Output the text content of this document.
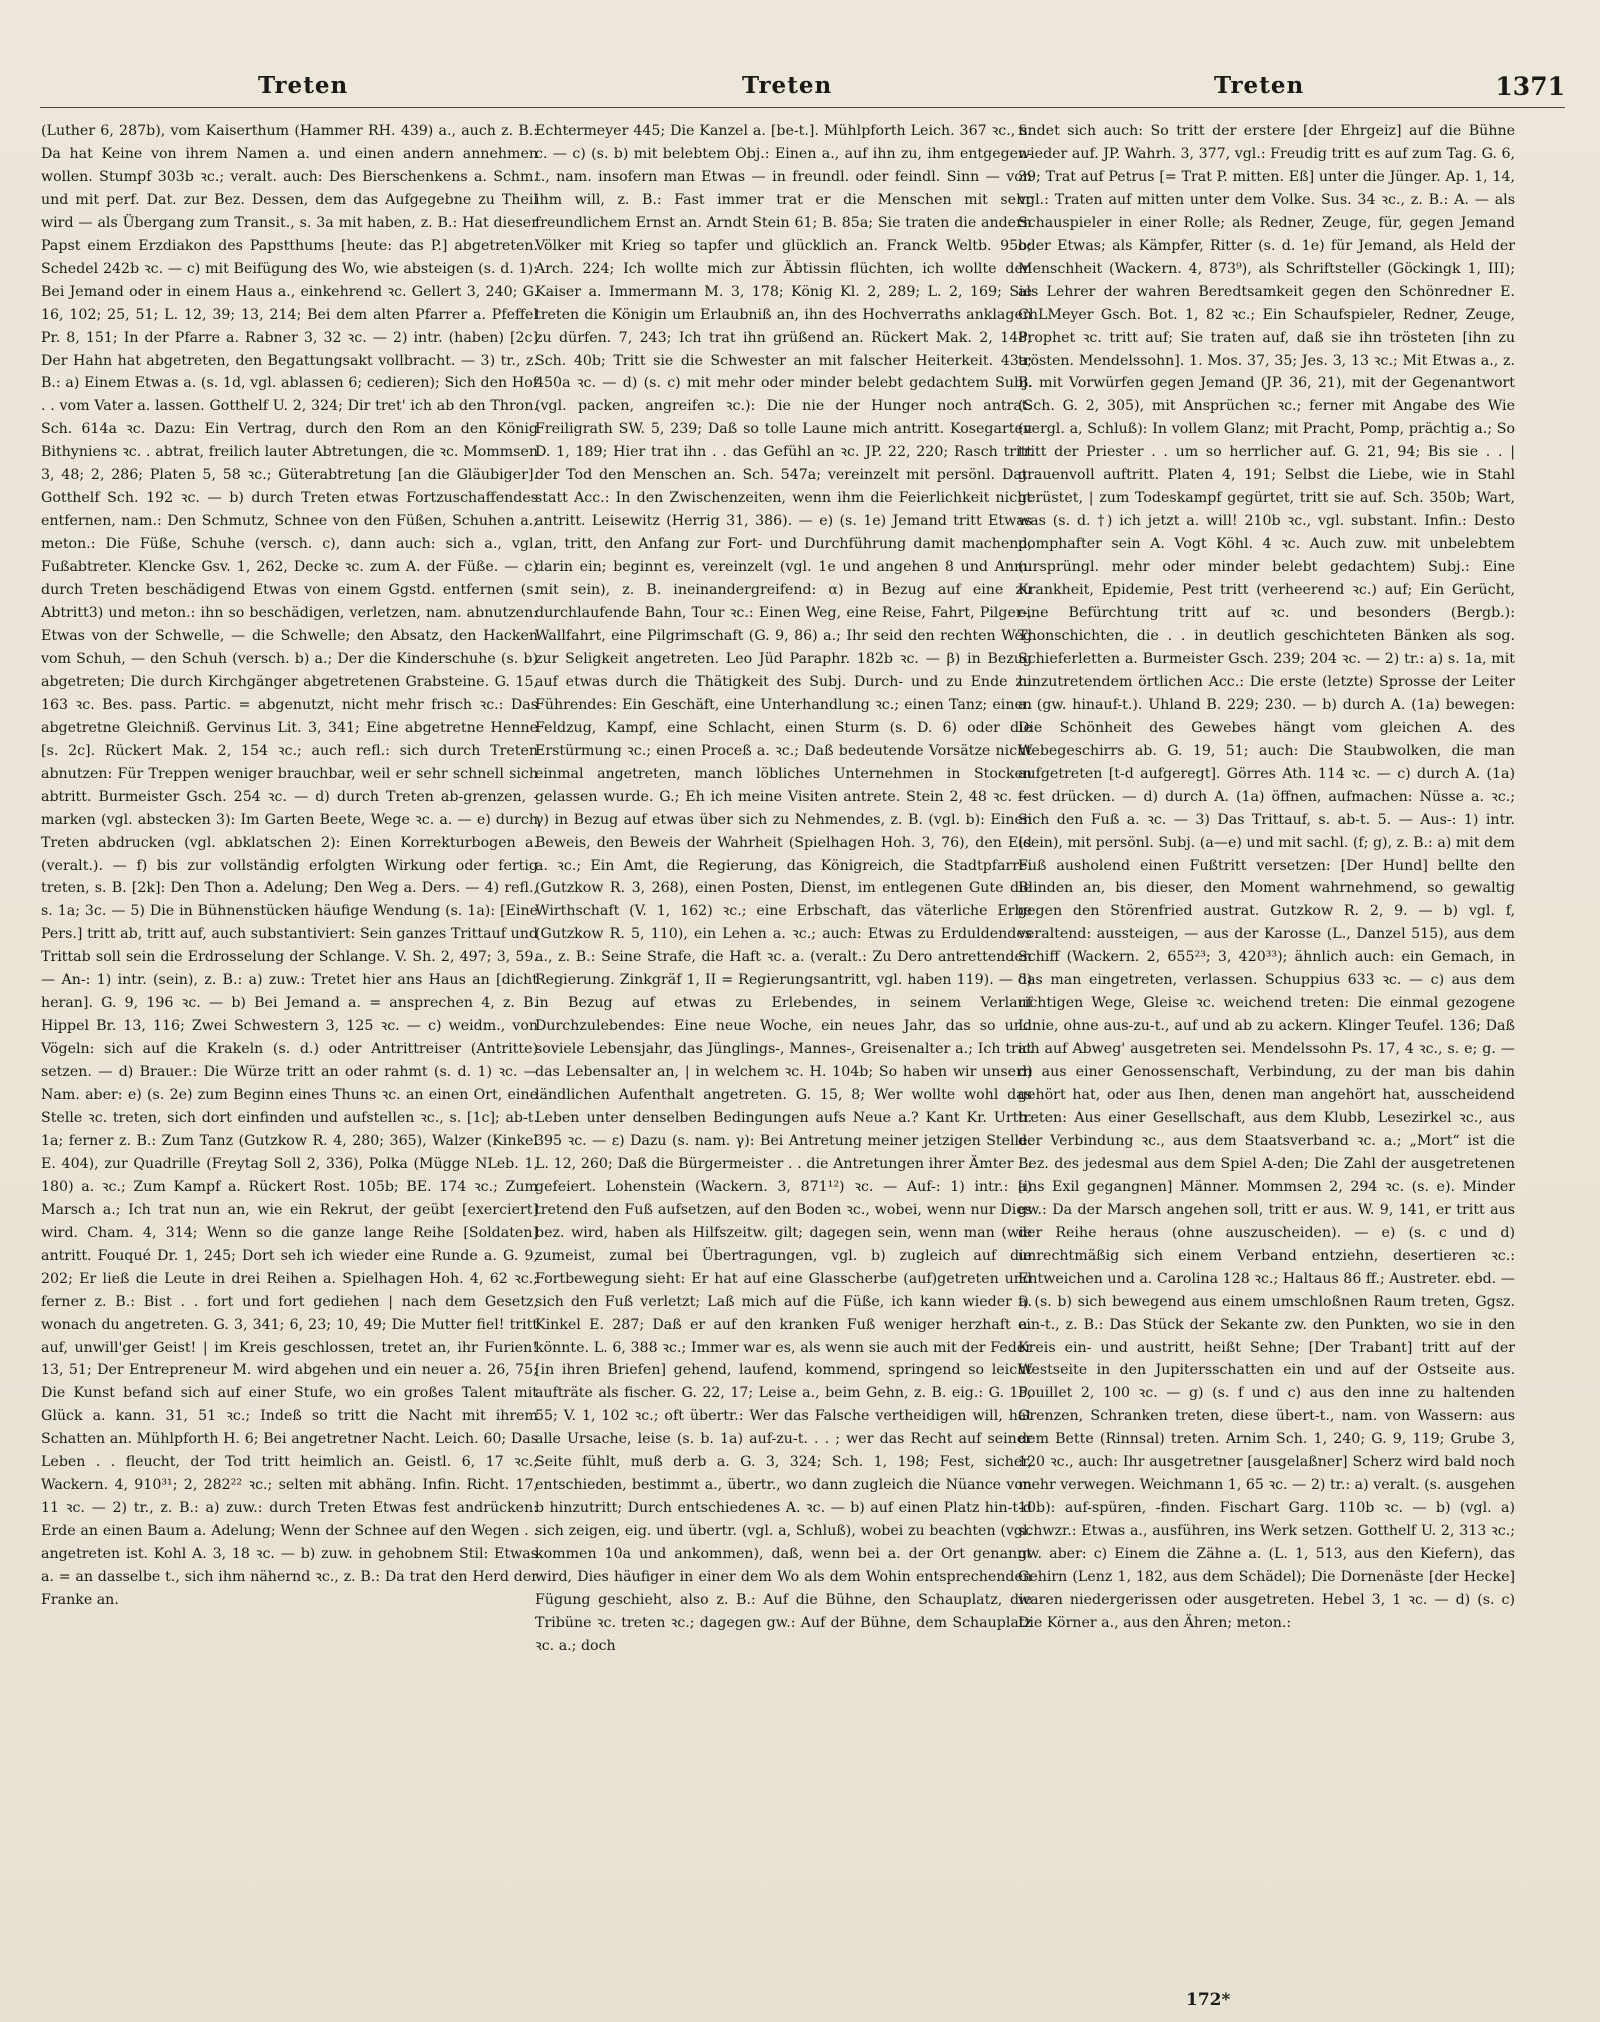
Treten	Treten	Treten	1371

(Luther 6, 287b), vom Kaiserthum (Hammer RH. 439) a., auch z. B.: Da hat Keine von ihrem Namen a. und einen andern annehmen wollen. Stumpf 303b ꝛc.; veralt. auch: Des Bierschenkens a. Schm. und mit perf. Dat. zur Bez. Dessen, dem das Aufgegebne zu Theil wird — als Übergang zum Transit., s. 3a mit haben, z. B.: Hat dieser Papst einem Erzdiakon des Papstthums [heute: das P.] abgetreten. Schedel 242b ꝛc. — c) mit Beifügung des Wo, wie absteigen (s. d. 1): Bei Jemand oder in einem Haus a., einkehrend ꝛc. Gellert 3, 240; G. 16, 102; 25, 51; L. 12, 39; 13, 214; Bei dem alten Pfarrer a. Pfeffel Pr. 8, 151; In der Pfarre a. Rabner 3, 32 ꝛc. — 2) intr. (haben) [2c] Der Hahn hat abgetreten, den Begattungsakt vollbracht. — 3) tr., z. B.: a) Einem Etwas a. (s. 1d, vgl. ablassen 6; cedieren); Sich den Hof . . vom Vater a. lassen. Gotthelf U. 2, 324; Dir tret' ich ab den Thron. Sch. 614a ꝛc. Dazu: Ein Vertrag, durch den Rom an den König Bithyniens ꝛc. . abtrat, freilich lauter Abtretungen, die ꝛc. Mommsen 3, 48; 2, 286; Platen 5, 58 ꝛc.; Güterabtretung [an die Gläubiger]. Gotthelf Sch. 192 ꝛc. — b) durch Treten etwas Fortzuschaffendes entfernen, nam.: Den Schmutz, Schnee von den Füßen, Schuhen a.; meton.: Die Füße, Schuhe (versch. c), dann auch: sich a., vgl. Fußabtreter. Klencke Gsv. 1, 262, Decke ꝛc. zum A. der Füße. — c) durch Treten beschädigend Etwas von einem Ggstd. entfernen (s. Abtritt3) und meton.: ihn so beschädigen, verletzen, nam. abnutzen: Etwas von der Schwelle, — die Schwelle; den Absatz, den Hacken vom Schuh, — den Schuh (versch. b) a.; Der die Kinderschuhe (s. b) abgetreten; Die durch Kirchgänger abgetretenen Grabsteine. G. 15, 163 ꝛc. Bes. pass. Partic. = abgenutzt, nicht mehr frisch ꝛc.: Das abgetretne Gleichniß. Gervinus Lit. 3, 341; Eine abgetretne Henne [s. 2c]. Rückert Mak. 2, 154 ꝛc.; auch refl.: sich durch Treten abnutzen: Für Treppen weniger brauchbar, weil er sehr schnell sich abtritt. Burmeister Gsch. 254 ꝛc. — d) durch Treten ab-grenzen, -marken (vgl. abstecken 3): Im Garten Beete, Wege ꝛc. a. — e) durch Treten abdrucken (vgl. abklatschen 2): Einen Korrekturbogen a. (veralt.). — f) bis zur vollständig erfolgten Wirkung oder fertig treten, s. B. [2k]: Den Thon a. Adelung; Den Weg a. Ders. — 4) refl., s. 1a; 3c. — 5) Die in Bühnenstücken häufige Wendung (s. 1a): [Eine Pers.] tritt ab, tritt auf, auch substantiviert: Sein ganzes Trittauf und Trittab soll sein die Erdrosselung der Schlange. V. Sh. 2, 497; 3, 59. — An-: 1) intr. (sein), z. B.: a) zuw.: Tretet hier ans Haus an [dicht heran]. G. 9, 196 ꝛc. — b) Bei Jemand a. = ansprechen 4, z. B. Hippel Br. 13, 116; Zwei Schwestern 3, 125 ꝛc. — c) weidm., von Vögeln: sich auf die Krakeln (s. d.) oder Antrittreiser (Antritte) setzen. — d) Brauer.: Die Würze tritt an oder rahmt (s. d. 1) ꝛc. — Nam. aber: e) (s. 2e) zum Beginn eines Thuns ꝛc. an einen Ort, eine Stelle ꝛc. treten, sich dort einfinden und aufstellen ꝛc., s. [1c]; ab-t. 1a; ferner z. B.: Zum Tanz (Gutzkow R. 4, 280; 365), Walzer (Kinkel E. 404), zur Quadrille (Freytag Soll 2, 336), Polka (Mügge NLeb. 1, 180) a. ꝛc.; Zum Kampf a. Rückert Rost. 105b; BE. 174 ꝛc.; Zum Marsch a.; Ich trat nun an, wie ein Rekrut, der geübt [exerciert] wird. Cham. 4, 314; Wenn so die ganze lange Reihe [Soldaten] antritt. Fouqué Dr. 1, 245; Dort seh ich wieder eine Runde a. G. 9, 202; Er ließ die Leute in drei Reihen a. Spielhagen Hoh. 4, 62 ꝛc.; ferner z. B.: Bist . . fort und fort gediehen | nach dem Gesetz, wonach du angetreten. G. 3, 341; 6, 23; 10, 49; Die Mutter fiel! tritt auf, unwill'ger Geist! | im Kreis geschlossen, tretet an, ihr Furien! 13, 51; Der Entrepreneur M. wird abgehen und ein neuer a. 26, 75; Die Kunst befand sich auf einer Stufe, wo ein großes Talent mit Glück a. kann. 31, 51 ꝛc.; Indeß so tritt die Nacht mit ihrem Schatten an. Mühlpforth H. 6; Bei angetretner Nacht. Leich. 60; Das Leben . . fleucht, der Tod tritt heimlich an. Geistl. 6, 17 ꝛc.; Wackern. 4, 910³¹; 2, 282²² ꝛc.; selten mit abhäng. Infin. Richt. 17, 11 ꝛc. — 2) tr., z. B.: a) zuw.: durch Treten Etwas fest andrücken: Erde an einen Baum a. Adelung; Wenn der Schnee auf den Wegen . . angetreten ist. Kohl A. 3, 18 ꝛc. — b) zuw. in gehobnem Stil: Etwas a. = an dasselbe t., sich ihm nähernd ꝛc., z. B.: Da trat den Herd der Franke an.

Echtermeyer 445; Die Kanzel a. [be-t.]. Mühlpforth Leich. 367 ꝛc., s. c. — c) (s. b) mit belebtem Obj.: Einen a., auf ihn zu, ihm entgegen-t., nam. insofern man Etwas — in freundl. oder feindl. Sinn — von ihm will, z. B.: Fast immer trat er die Menschen mit sehr freundlichem Ernst an. Arndt Stein 61; B. 85a; Sie traten die andern Völker mit Krieg so tapfer und glücklich an. Franck Weltb. 95b; Arch. 224; Ich wollte mich zur Äbtissin flüchten, ich wollte den Kaiser a. Immermann M. 3, 178; König Kl. 2, 289; L. 2, 169; Sie treten die Königin um Erlaubniß an, ihn des Hochverraths anklagen zu dürfen. 7, 243; Ich trat ihn grüßend an. Rückert Mak. 2, 148; Sch. 40b; Tritt sie die Schwester an mit falscher Heiterkeit. 43a; 450a ꝛc. — d) (s. c) mit mehr oder minder belebt gedachtem Subj. (vgl. packen, angreifen ꝛc.): Die nie der Hunger noch antrat. Freiligrath SW. 5, 239; Daß so tolle Laune mich antritt. Kosegarten D. 1, 189; Hier trat ihn . . das Gefühl an ꝛc. JP. 22, 220; Rasch tritt der Tod den Menschen an. Sch. 547a; vereinzelt mit persönl. Dat. statt Acc.: In den Zwischenzeiten, wenn ihm die Feierlichkeit nicht antritt. Leisewitz (Herrig 31, 386). — e) (s. 1e) Jemand tritt Etwas an, tritt, den Anfang zur Fort- und Durchführung damit machend, darin ein; beginnt es, vereinzelt (vgl. 1e und angehen 8 und Anm. mit sein), z. B. ineinandergreifend: α) in Bezug auf eine zu durchlaufende Bahn, Tour ꝛc.: Einen Weg, eine Reise, Fahrt, Pilger-, Wallfahrt, eine Pilgrimschaft (G. 9, 86) a.; Ihr seid den rechten Weg zur Seligkeit angetreten. Leo Jüd Paraphr. 182b ꝛc. — β) in Bezug auf etwas durch die Thätigkeit des Subj. Durch- und zu Ende zu Führendes: Ein Geschäft, eine Unterhandlung ꝛc.; einen Tanz; einen Feldzug, Kampf, eine Schlacht, einen Sturm (s. D. 6) oder die Erstürmung ꝛc.; einen Proceß a. ꝛc.; Daß bedeutende Vorsätze nicht einmal angetreten, manch löbliches Unternehmen in Stocken gelassen wurde. G.; Eh ich meine Visiten antrete. Stein 2, 48 ꝛc. — γ) in Bezug auf etwas über sich zu Nehmendes, z. B. (vgl. b): Einen Beweis, den Beweis der Wahrheit (Spielhagen Hoh. 3, 76), den Eid a. ꝛc.; Ein Amt, die Regierung, das Königreich, die Stadtpfarrei (Gutzkow R. 3, 268), einen Posten, Dienst, im entlegenen Gute die Wirthschaft (V. 1, 162) ꝛc.; eine Erbschaft, das väterliche Erbe (Gutzkow R. 5, 110), ein Lehen a. ꝛc.; auch: Etwas zu Erduldendes a., z. B.: Seine Strafe, die Haft ꝛc. a. (veralt.: Zu Dero antrettenden Regierung. Zinkgräf 1, II = Regierungsantritt, vgl. haben 119). — δ) in Bezug auf etwas zu Erlebendes, in seinem Verlauf Durchzulebendes: Eine neue Woche, ein neues Jahr, das so und soviele Lebensjahr, das Jünglings-, Mannes-, Greisenalter a.; Ich trat das Lebensalter an, | in welchem ꝛc. H. 104b; So haben wir unsern ländlichen Aufenthalt angetreten. G. 15, 8; Wer wollte wohl das Leben unter denselben Bedingungen aufs Neue a.? Kant Kr. Urth. 395 ꝛc. — ε) Dazu (s. nam. γ): Bei Antretung meiner jetzigen Stelle. L. 12, 260; Daß die Bürgermeister . . die Antretungen ihrer Ämter . . gefeiert. Lohenstein (Wackern. 3, 871¹²) ꝛc. — Auf-: 1) intr.: a) tretend den Fuß aufsetzen, auf den Boden ꝛc., wobei, wenn nur Dies bez. wird, haben als Hilfszeitw. gilt; dagegen sein, wenn man (wie zumeist, zumal bei Übertragungen, vgl. b) zugleich auf die Fortbewegung sieht: Er hat auf eine Glasscherbe (auf)getreten und sich den Fuß verletzt; Laß mich auf die Füße, ich kann wieder a. Kinkel E. 287; Daß er auf den kranken Fuß weniger herzhaft a. könnte. L. 6, 388 ꝛc.; Immer war es, als wenn sie auch mit der Feder [in ihren Briefen] gehend, laufend, kommend, springend so leicht aufträte als fischer. G. 22, 17; Leise a., beim Gehn, z. B. eig.: G. 15, 55; V. 1, 102 ꝛc.; oft übertr.: Wer das Falsche vertheidigen will, hat alle Ursache, leise (s. b. 1a) auf-zu-t. . . ; wer das Recht auf seiner Seite fühlt, muß derb a. G. 3, 324; Sch. 1, 198; Fest, sicher, entschieden, bestimmt a., übertr., wo dann zugleich die Nüance von b hinzutritt; Durch entschiedenes A. ꝛc. — b) auf einen Platz hin-t-d sich zeigen, eig. und übertr. (vgl. a, Schluß), wobei zu beachten (vgl. kommen 10a und ankommen), daß, wenn bei a. der Ort genannt wird, Dies häufiger in einer dem Wo als dem Wohin entsprechenden Fügung geschieht, also z. B.: Auf die Bühne, den Schauplatz, die Tribüne ꝛc. treten ꝛc.; dagegen gw.: Auf der Bühne, dem Schauplatz ꝛc. a.; doch

findet sich auch: So tritt der erstere [der Ehrgeiz] auf die Bühne wieder auf. JP. Wahrh. 3, 377, vgl.: Freudig tritt es auf zum Tag. G. 6, 39; Trat auf Petrus [= Trat P. mitten. Eß] unter die Jünger. Ap. 1, 14, vgl.: Traten auf mitten unter dem Volke. Sus. 34 ꝛc., z. B.: A. — als Schauspieler in einer Rolle; als Redner, Zeuge, für, gegen Jemand oder Etwas; als Kämpfer, Ritter (s. d. 1e) für Jemand, als Held der Menschheit (Wackern. 4, 873⁹), als Schriftsteller (Göckingk 1, III); als Lehrer der wahren Beredtsamkeit gegen den Schönredner E. ChLMeyer Gsch. Bot. 1, 82 ꝛc.; Ein Schaufspieler, Redner, Zeuge, Prophet ꝛc. tritt auf; Sie traten auf, daß sie ihn trösteten [ihn zu trösten. Mendelssohn]. 1. Mos. 37, 35; Jes. 3, 13 ꝛc.; Mit Etwas a., z. B. mit Vorwürfen gegen Jemand (JP. 36, 21), mit der Gegenantwort (Sch. G. 2, 305), mit Ansprüchen ꝛc.; ferner mit Angabe des Wie (vergl. a, Schluß): In vollem Glanz; mit Pracht, Pomp, prächtig a.; So tritt der Priester . . um so herrlicher auf. G. 21, 94; Bis sie . . | grauenvoll auftritt. Platen 4, 191; Selbst die Liebe, wie in Stahl gerüstet, | zum Todeskampf gegürtet, tritt sie auf. Sch. 350b; Wart, was (s. d. †) ich jetzt a. will! 210b ꝛc., vgl. substant. Infin.: Desto pomphafter sein A. Vogt Köhl. 4 ꝛc. Auch zuw. mit unbelebtem (ursprüngl. mehr oder minder belebt gedachtem) Subj.: Eine Krankheit, Epidemie, Pest tritt (verheerend ꝛc.) auf; Ein Gerücht, eine Befürchtung tritt auf ꝛc. und besonders (Bergb.): Thonschichten, die . . in deutlich geschichteten Bänken als sog. Schieferletten a. Burmeister Gsch. 239; 204 ꝛc. — 2) tr.: a) s. 1a, mit hinzutretendem örtlichen Acc.: Die erste (letzte) Sprosse der Leiter a. (gw. hinauf-t.). Uhland B. 229; 230. — b) durch A. (1a) bewegen: Die Schönheit des Gewebes hängt vom gleichen A. des Webegeschirrs ab. G. 19, 51; auch: Die Staubwolken, die man aufgetreten [t-d aufgeregt]. Görres Ath. 114 ꝛc. — c) durch A. (1a) fest drücken. — d) durch A. (1a) öffnen, aufmachen: Nüsse a. ꝛc.; Sich den Fuß a. ꝛc. — 3) Das Trittauf, s. ab-t. 5. — Aus-: 1) intr. (sein), mit persönl. Subj. (a—e) und mit sachl. (f; g), z. B.: a) mit dem Fuß ausholend einen Fußtritt versetzen: [Der Hund] bellte den Blinden an, bis dieser, den Moment wahrnehmend, so gewaltig gegen den Störenfried austrat. Gutzkow R. 2, 9. — b) vgl. f, veraltend: aussteigen, — aus der Karosse (L., Danzel 515), aus dem Schiff (Wackern. 2, 655²³; 3, 420³³); ähnlich auch: ein Gemach, in das man eingetreten, verlassen. Schuppius 633 ꝛc. — c) aus dem richtigen Wege, Gleise ꝛc. weichend treten: Die einmal gezogene Linie, ohne aus-zu-t., auf und ab zu ackern. Klinger Teufel. 136; Daß ich auf Abweg' ausgetreten sei. Mendelssohn Ps. 17, 4 ꝛc., s. e; g. — d) aus einer Genossenschaft, Verbindung, zu der man bis dahin gehört hat, oder aus Ihen, denen man angehört hat, ausscheidend treten: Aus einer Gesellschaft, aus dem Klubb, Lesezirkel ꝛc., aus der Verbindung ꝛc., aus dem Staatsverband ꝛc. a.; „Mort“ ist die Bez. des jedesmal aus dem Spiel A-den; Die Zahl der ausgetretenen [ins Exil gegangnen] Männer. Mommsen 2, 294 ꝛc. (s. e). Minder gw.: Da der Marsch angehen soll, tritt er aus. W. 9, 141, er tritt aus der Reihe heraus (ohne auszuscheiden). — e) (s. c und d) unrechtmäßig sich einem Verband entziehn, desertieren ꝛc.: Entweichen und a. Carolina 128 ꝛc.; Haltaus 86 ff.; Austreter. ebd. — f) (s. b) sich bewegend aus einem umschloßnen Raum treten, Ggsz. ein-t., z. B.: Das Stück der Sekante zw. den Punkten, wo sie in den Kreis ein- und austritt, heißt Sehne; [Der Trabant] tritt auf der Westseite in den Jupitersschatten ein und auf der Ostseite aus. Pouillet 2, 100 ꝛc. — g) (s. f und c) aus den inne zu haltenden Grenzen, Schranken treten, diese übert-t., nam. von Wassern: aus dem Bette (Rinnsal) treten. Arnim Sch. 1, 240; G. 9, 119; Grube 3, 120 ꝛc., auch: Ihr ausgetretner [ausgelaßner] Scherz wird bald noch mehr verwegen. Weichmann 1, 65 ꝛc. — 2) tr.: a) veralt. (s. ausgehen 10b): auf-spüren, -finden. Fischart Garg. 110b ꝛc. — b) (vgl. a) schwzr.: Etwas a., ausführen, ins Werk setzen. Gotthelf U. 2, 313 ꝛc.; gw. aber: c) Einem die Zähne a. (L. 1, 513, aus den Kiefern), das Gehirn (Lenz 1, 182, aus dem Schädel); Die Dornenäste [der Hecke] waren niedergerissen oder ausgetreten. Hebel 3, 1 ꝛc. — d) (s. c) Die Körner a., aus den Ähren; meton.:

172*
